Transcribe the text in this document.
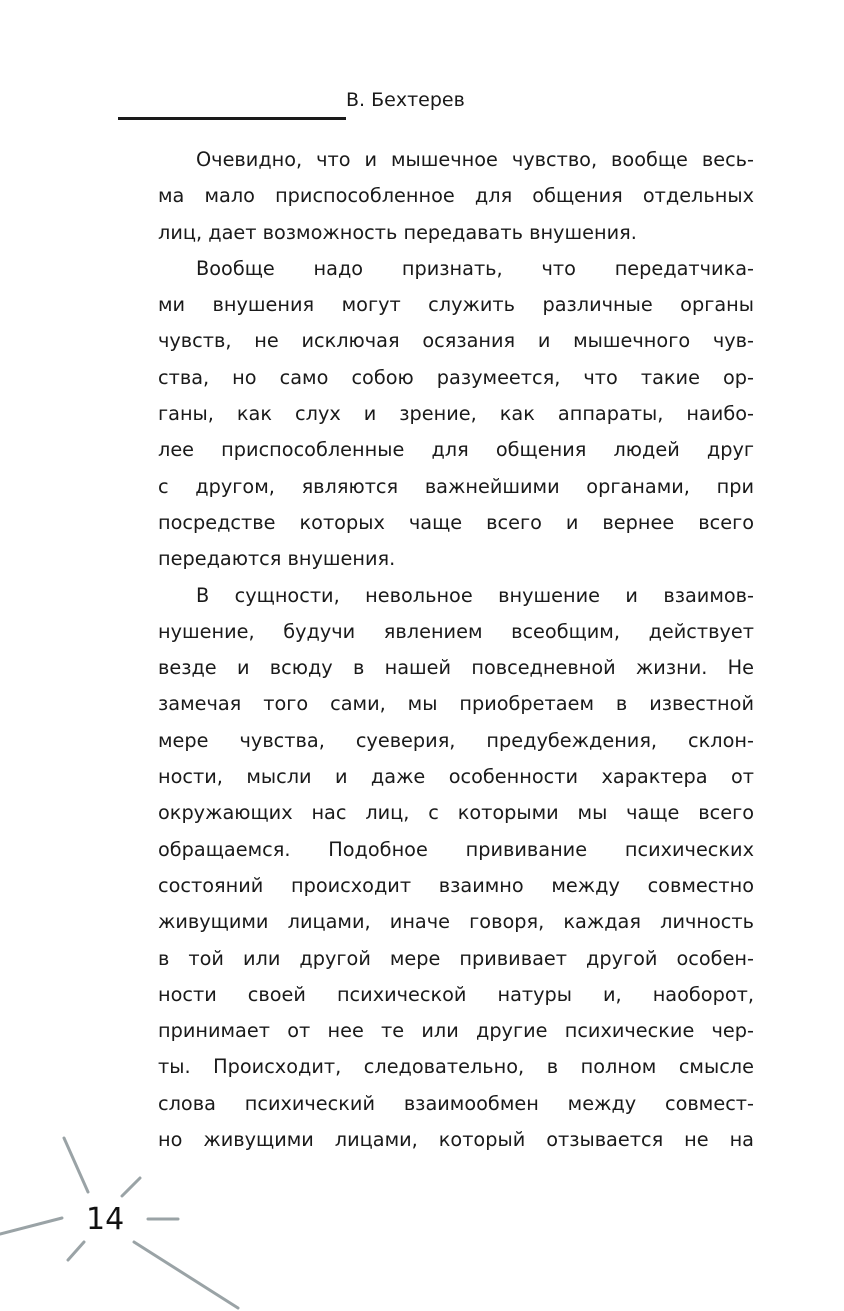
В. Бехтерев
Очевидно, что и мышечное чувство, вообще весь-
ма мало приспособленное для общения отдельных
лиц, дает возможность передавать внушения.
Вообще надо признать, что передатчика-
ми внушения могут служить различные органы
чувств, не исключая осязания и мышечного чув-
ства, но само собою разумеется, что такие ор-
ганы, как слух и зрение, как аппараты, наибо-
лее приспособленные для общения людей друг
с другом, являются важнейшими органами, при
посредстве которых чаще всего и вернее всего
передаются внушения.
В сущности, невольное внушение и взаимов-
нушение, будучи явлением всеобщим, действует
везде и всюду в нашей повседневной жизни. Не
замечая того сами, мы приобретаем в известной
мере чувства, суеверия, предубеждения, склон-
ности, мысли и даже особенности характера от
окружающих нас лиц, с которыми мы чаще всего
обращаемся. Подобное прививание психических
состояний происходит взаимно между совместно
живущими лицами, иначе говоря, каждая личность
в той или другой мере прививает другой особен-
ности своей психической натуры и, наоборот,
принимает от нее те или другие психические чер-
ты. Происходит, следовательно, в полном смысле
слова психический взаимообмен между совмест-
но живущими лицами, который отзывается не на
14
